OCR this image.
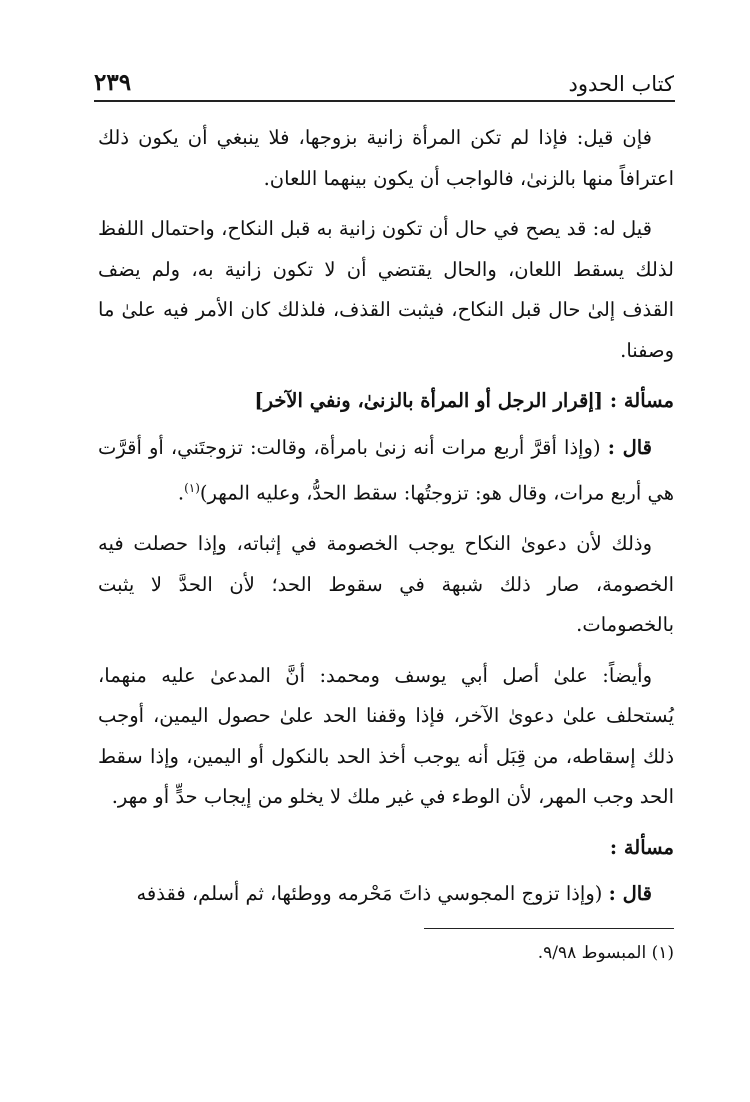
كتاب الحدود
٢٣٩

فإن قيل: فإذا لم تكن المرأة زانية بزوجها، فلا ينبغي أن يكون ذلك اعترافاً منها بالزنىٰ، فالواجب أن يكون بينهما اللعان.

قيل له: قد يصح في حال أن تكون زانية به قبل النكاح، واحتمال اللفظ لذلك يسقط اللعان، والحال يقتضي أن لا تكون زانية به، ولم يضف القذف إلىٰ حال قبل النكاح، فيثبت القذف، فلذلك كان الأمر فيه علىٰ ما وصفنا.

مسألة : [إقرار الرجل أو المرأة بالزنىٰ، ونفي الآخر]

قال : (وإذا أقرَّ أربع مرات أنه زنىٰ بامرأة، وقالت: تزوجتَني، أو أقرَّت هي أربع مرات، وقال هو: تزوجتُها: سقط الحدُّ، وعليه المهر)$^{(١)}$.

وذلك لأن دعوىٰ النكاح يوجب الخصومة في إثباته، وإذا حصلت فيه الخصومة، صار ذلك شبهة في سقوط الحد؛ لأن الحدَّ لا يثبت بالخصومات.

وأيضاً: علىٰ أصل أبي يوسف ومحمد: أنَّ المدعىٰ عليه منهما، يُستحلف علىٰ دعوىٰ الآخر، فإذا وقفنا الحد علىٰ حصول اليمين، أوجب ذلك إسقاطه، من قِبَل أنه يوجب أخذ الحد بالنكول أو اليمين، وإذا سقط الحد وجب المهر، لأن الوطء في غير ملك لا يخلو من إيجاب حدٍّ أو مهر.

مسألة :

قال : (وإذا تزوج المجوسي ذاتَ مَحْرمه ووطئها، ثم أسلم، فقذفه

(١) المبسوط ٩/٩٨.
